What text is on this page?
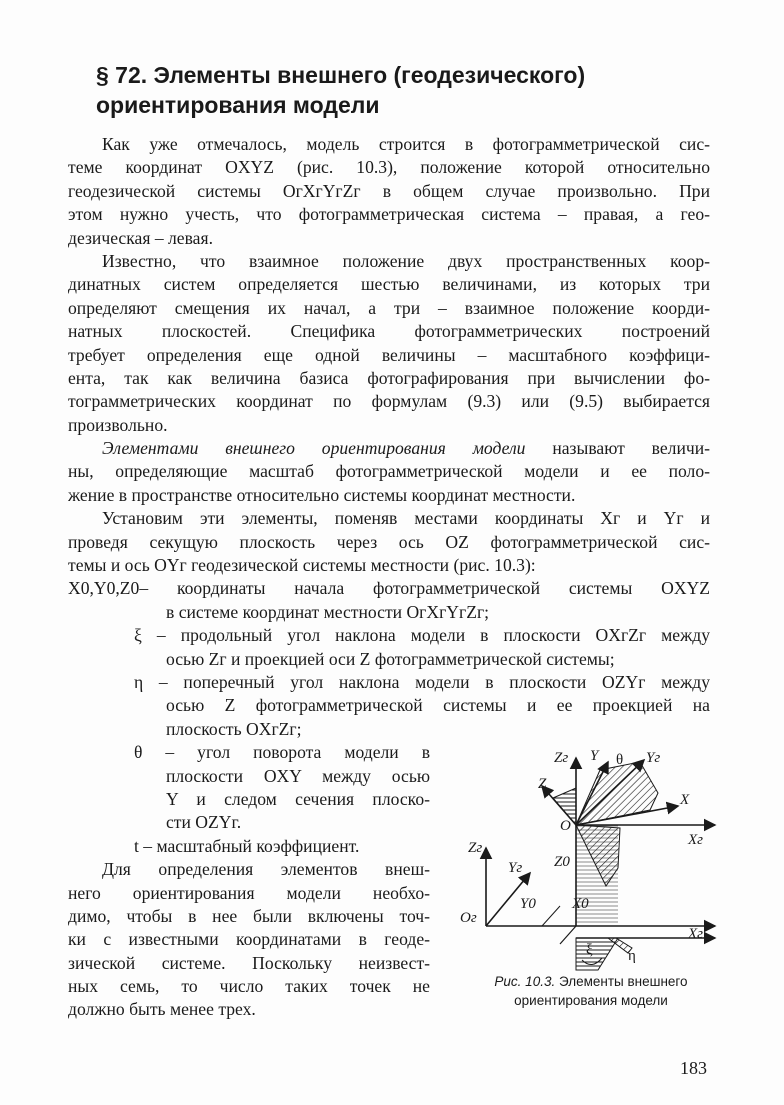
§ 72. Элементы внешнего (геодезического)
ориентирования модели
Как уже отмечалось, модель строится в фотограмметрической сис-
теме координат OXYZ (рис. 10.3), положение которой относительно
геодезической системы OгXгYгZг в общем случае произвольно. При
этом нужно учесть, что фотограмметрическая система – правая, а гео-
дезическая – левая.
Известно, что взаимное положение двух пространственных коор-
динатных систем определяется шестью величинами, из которых три
определяют смещения их начал, а три – взаимное положение коорди-
натных плоскостей. Специфика фотограмметрических построений
требует определения еще одной величины – масштабного коэффици-
ента, так как величина базиса фотографирования при вычислении фо-
тограмметрических координат по формулам (9.3) или (9.5) выбирается
произвольно.
Элементами внешнего ориентирования модели называют величи-
ны, определяющие масштаб фотограмметрической модели и ее поло-
жение в пространстве относительно системы координат местности.
Установим эти элементы, поменяв местами координаты Xг и Yг и
проведя секущую плоскость через ось OZ фотограмметрической сис-
темы и ось OYг геодезической системы местности (рис. 10.3):
X0,Y0,Z0– координаты начала фотограмметрической системы OXYZ
в системе координат местности OгXгYгZг;
ξ – продольный угол наклона модели в плоскости OXгZг между
осью Zг и проекцией оси Z фотограмметрической системы;
η – поперечный угол наклона модели в плоскости OZYг между
осью Z фотограмметрической системы и ее проекцией на
плоскость OXгZг;
θ – угол поворота модели в
плоскости OXY между осью
Y и следом сечения плоско-
сти OZYг.
t – масштабный коэффициент.
Для определения элементов внеш-
него ориентирования модели необхо-
димо, чтобы в нее были включены точ-
ки с известными координатами в геоде-
зической системе. Поскольку неизвест-
ных семь, то число таких точек не
должно быть менее трех.
Zг Y θ Yг
Z
X
O
Xг
Zг
Yг Z0
Y0 X0
Oг
Xг
ξ η
Рис. 10.3. Элементы внешнего
ориентирования модели
183
